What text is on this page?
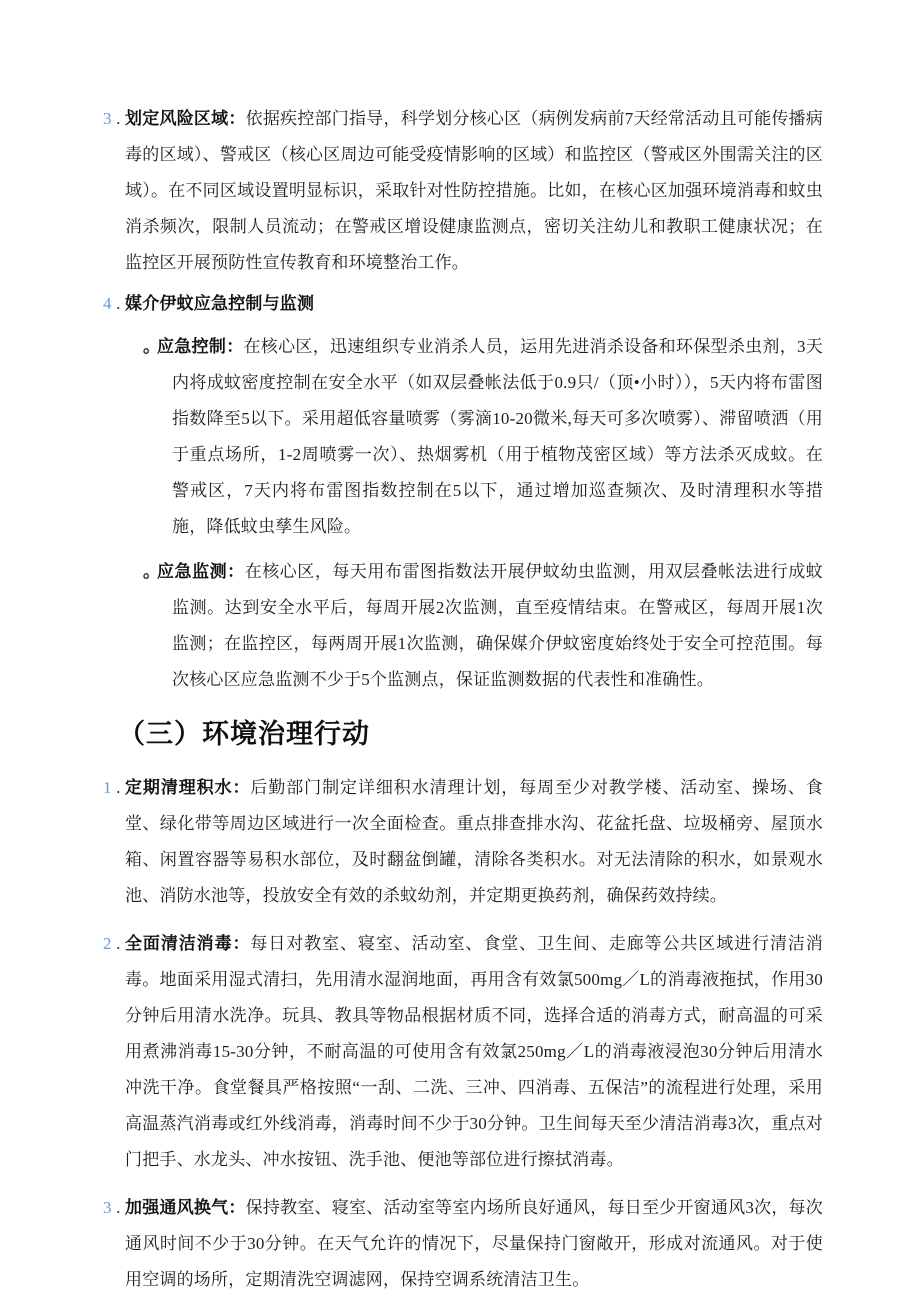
3 . 划定风险区域：依据疾控部门指导，科学划分核心区（病例发病前7天经常活动且可能传播病毒的区域）、警戒区（核心区周边可能受疫情影响的区域）和监控区（警戒区外围需关注的区域）。在不同区域设置明显标识，采取针对性防控措施。比如，在核心区加强环境消毒和蚊虫消杀频次，限制人员流动；在警戒区增设健康监测点，密切关注幼儿和教职工健康状况；在监控区开展预防性宣传教育和环境整治工作。
4 . 媒介伊蚊应急控制与监测
。
应急控制：在核心区，迅速组织专业消杀人员，运用先进消杀设备和环保型杀虫剂，3天内将成蚊密度控制在安全水平（如双层叠帐法低于0.9只/（顶•小时）），5天内将布雷图指数降至5以下。采用超低容量喷雾（雾滴10-20微米,每天可多次喷雾）、滞留喷洒（用于重点场所，1-2周喷雾一次）、热烟雾机（用于植物茂密区域）等方法杀灭成蚊。在警戒区，7天内将布雷图指数控制在5以下，通过增加巡查频次、及时清理积水等措施，降低蚊虫孳生风险。
。
应急监测：在核心区，每天用布雷图指数法开展伊蚊幼虫监测，用双层叠帐法进行成蚊监测。达到安全水平后，每周开展2次监测，直至疫情结束。在警戒区，每周开展1次监测；在监控区，每两周开展1次监测，确保媒介伊蚊密度始终处于安全可控范围。每次核心区应急监测不少于5个监测点，保证监测数据的代表性和准确性。
（三）环境治理行动
1 . 定期清理积水：后勤部门制定详细积水清理计划，每周至少对教学楼、活动室、操场、食堂、绿化带等周边区域进行一次全面检查。重点排查排水沟、花盆托盘、垃圾桶旁、屋顶水箱、闲置容器等易积水部位，及时翻盆倒罐，清除各类积水。对无法清除的积水，如景观水池、消防水池等，投放安全有效的杀蚊幼剂，并定期更换药剂，确保药效持续。
2 . 全面清洁消毒：每日对教室、寝室、活动室、食堂、卫生间、走廊等公共区域进行清洁消毒。地面采用湿式清扫，先用清水湿润地面，再用含有效氯500mg／L的消毒液拖拭，作用30分钟后用清水洗净。玩具、教具等物品根据材质不同，选择合适的消毒方式，耐高温的可采用煮沸消毒15-30分钟，不耐高温的可使用含有效氯250mg／L的消毒液浸泡30分钟后用清水冲洗干净。食堂餐具严格按照“一刮、二洗、三冲、四消毒、五保洁”的流程进行处理，采用高温蒸汽消毒或红外线消毒，消毒时间不少于30分钟。卫生间每天至少清洁消毒3次，重点对门把手、水龙头、冲水按钮、洗手池、便池等部位进行擦拭消毒。
3 . 加强通风换气：保持教室、寝室、活动室等室内场所良好通风，每日至少开窗通风3次，每次通风时间不少于30分钟。在天气允许的情况下，尽量保持门窗敞开，形成对流通风。对于使用空调的场所，定期清洗空调滤网，保持空调系统清洁卫生。
